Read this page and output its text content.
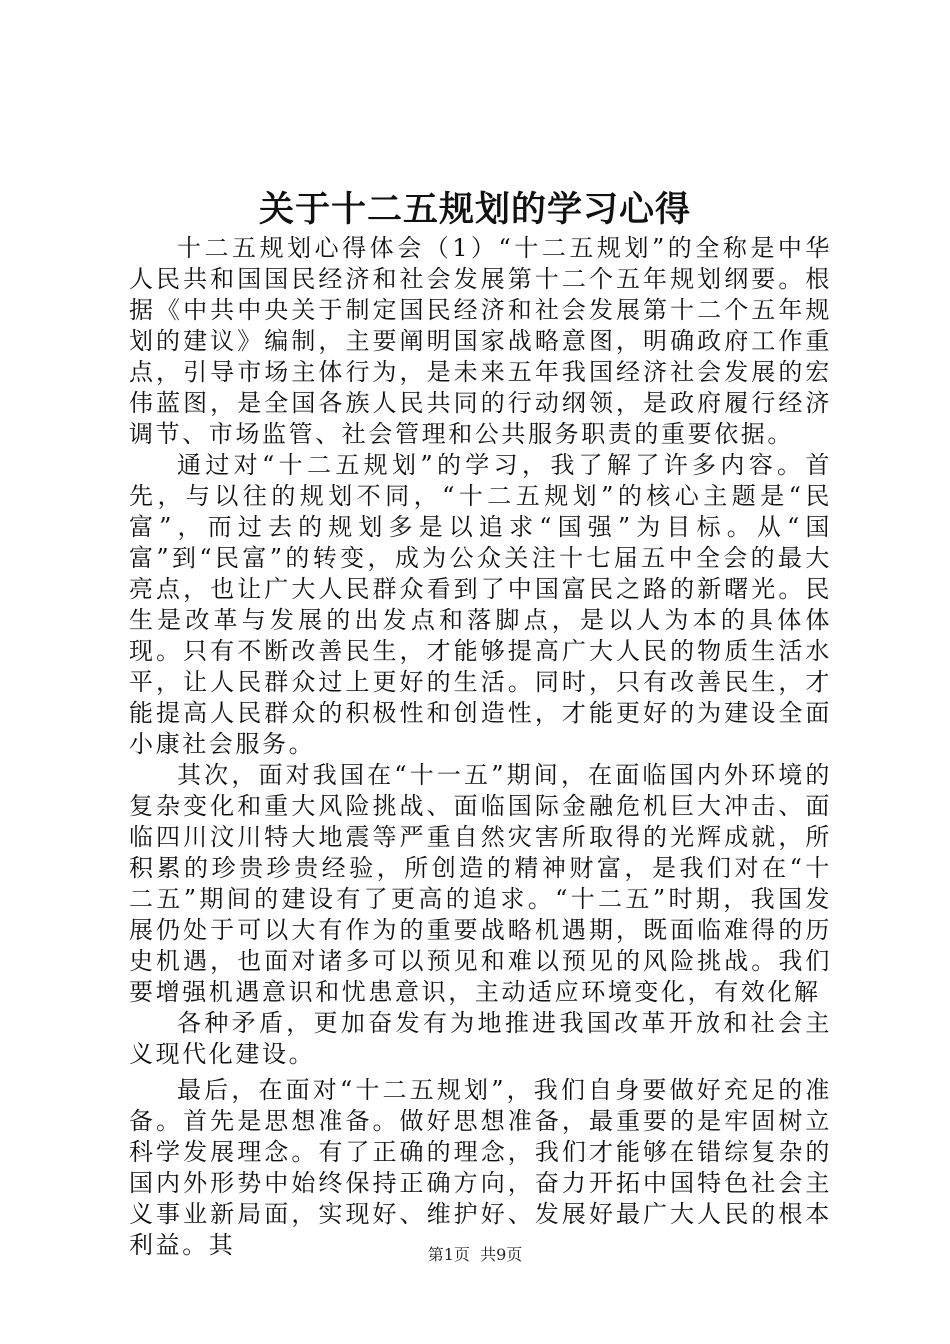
关于十二五规划的学习心得

十二五规划心得体会（1）“十二五规划”的全称是中华人民共和国国民经济和社会发展第十二个五年规划纲要。根据《中共中央关于制定国民经济和社会发展第十二个五年规划的建议》编制，主要阐明国家战略意图，明确政府工作重点，引导市场主体行为，是未来五年我国经济社会发展的宏伟蓝图，是全国各族人民共同的行动纲领，是政府履行经济调节、市场监管、社会管理和公共服务职责的重要依据。

通过对“十二五规划”的学习，我了解了许多内容。首先，与以往的规划不同，“十二五规划”的核心主题是“民富”，而过去的规划多是以追求“国强”为目标。从“国富”到“民富”的转变，成为公众关注十七届五中全会的最大亮点，也让广大人民群众看到了中国富民之路的新曙光。民生是改革与发展的出发点和落脚点，是以人为本的具体体现。只有不断改善民生，才能够提高广大人民的物质生活水平，让人民群众过上更好的生活。同时，只有改善民生，才能提高人民群众的积极性和创造性，才能更好的为建设全面小康社会服务。

其次，面对我国在“十一五”期间，在面临国内外环境的复杂变化和重大风险挑战、面临国际金融危机巨大冲击、面临四川汶川特大地震等严重自然灾害所取得的光辉成就，所积累的珍贵珍贵经验，所创造的精神财富，是我们对在“十二五”期间的建设有了更高的追求。“十二五”时期，我国发展仍处于可以大有作为的重要战略机遇期，既面临难得的历史机遇，也面对诸多可以预见和难以预见的风险挑战。我们要增强机遇意识和忧患意识，主动适应环境变化，有效化解

各种矛盾，更加奋发有为地推进我国改革开放和社会主义现代化建设。

最后，在面对“十二五规划”，我们自身要做好充足的准备。首先是思想准备。做好思想准备，最重要的是牢固树立科学发展理念。有了正确的理念，我们才能够在错综复杂的国内外形势中始终保持正确方向，奋力开拓中国特色社会主义事业新局面，实现好、维护好、发展好最广大人民的根本利益。其	第1页 共9页
